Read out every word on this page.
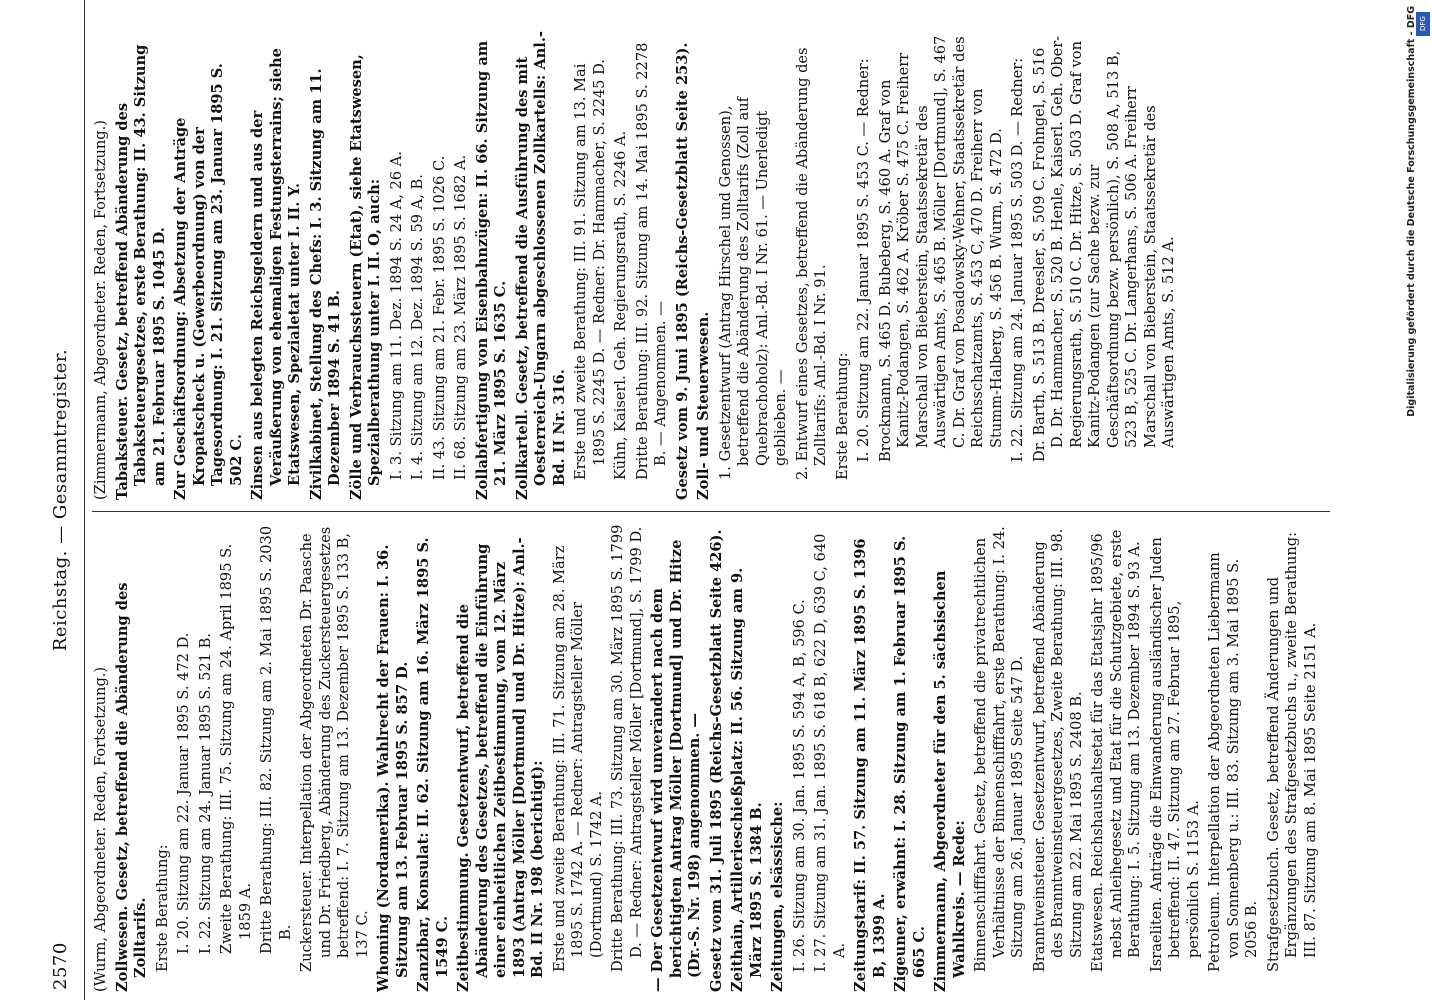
2570
Reichstag. — Gesammtregister.
(Wurm, Abgeordneter. Reden, Fortsetzung.) Zollwesen. Gesetz, betreffend die Abänderung des Zolltarifs. Erste Berathung: I. 20. Sitzung am 22. Januar 1895 S. 472 D. I. 22. Sitzung am 24. Januar 1895 S. 521 B. Zweite Berathung: III. 75. Sitzung am 24. April 1895 S. 1859 A. Dritte Berathung: III. 82. Sitzung am 2. Mai 1895 S. 2030 B. Zuckersteuer. Interpellation der Abgeordneten Dr. Paasche und Dr. Friedberg, Abänderung des Zuckersteuergesetzes betreffend: I. 7. Sitzung am 13. Dezember 1895 S. 133 B, 137 C. Whoming (Nordamerika). Wahlrecht der Frauen: I. 36. Sitzung am 13. Februar 1895 S. 857 D. Zanzibar, Konsulat: II. 62. Sitzung am 16. März 1895 S. 1549 C. Zeitbestimmung. Gesetzentwurf, betreffend die Abänderung des Gesetzes, betreffend die Einführung einer einheitlichen Zeitbestimmung, vom 12. März 1893 (Antrag Möller [Dortmund] und Dr. Hitze): Anl.-Bd. II Nr. 198 (berichtigt): Erste und zweite Berathung: III. 71. Sitzung am 28. März 1895 S. 1742 A. — Redner: Antragsteller Möller (Dortmund) S. 1742 A. Dritte Berathung: III. 73. Sitzung am 30. März 1895 S. 1799 D. — Redner: Antragsteller Möller [Dortmund], S. 1799 D. — Der Gesetzentwurf wird unverändert nach dem berichtigten Antrag Möller [Dortmund] und Dr. Hitze (Dr.-S. Nr. 198) angenommen. — Gesetz vom 31. Juli 1895 (Reichs-Gesetzblatt Seite 426). Zeithain, Artillerieschießplatz: II. 56. Sitzung am 9. März 1895 S. 1384 B. Zeitungen, elsässische: I. 26. Sitzung am 30. Jan. 1895 S. 594 A, B, 596 C. I. 27. Sitzung am 31. Jan. 1895 S. 618 B, 622 D, 639 C, 640 A. Zeitungstarif: II. 57. Sitzung am 11. März 1895 S. 1396 B, 1399 A. Zigeuner, erwähnt: I. 28. Sitzung am 1. Februar 1895 S. 665 C. Zimmermann, Abgeordneter für den 5. sächsischen Wahlkreis. — Rede: Binnenschifffahrt. Gesetz, betreffend die privatrechtlichen Verhältnisse der Binnenschifffahrt, erste Berathung: I. 24. Sitzung am 26. Januar 1895 Seite 547 D. Branntweinsteuer. Gesetzentwurf, betreffend Abänderung des Branntweinsteuergesetzes, Zweite Berathung: III. 98. Sitzung am 22. Mai 1895 S. 2408 B. Etatswesen. Reichshaushaltsetat für das Etatsjahr 1895/96 nebst Anleihegesetz und Etat für die Schutzgebiete, erste Berathung: I. 5. Sitzung am 13. Dezember 1894 S. 93 A. Israeliten. Anträge die Einwanderung ausländischer Juden betreffend: II. 47. Sitzung am 27. Februar 1895, persönlich S. 1153 A. Petroleum. Interpellation der Abgeordneten Liebermann von Sonnenberg u.: III. 83. Sitzung am 3. Mai 1895 S. 2056 B. Strafgesetzbuch. Gesetz, betreffend Änderungen und Ergänzungen des Strafgesetzbuchs u., zweite Berathung: III. 87. Sitzung am 8. Mai 1895 Seite 2151 A.
(Zimmermann, Abgeordneter. Reden, Fortsetzung.) Tabaksteuer. Gesetz, betreffend Abänderung des Tabaksteuergesetzes, erste Berathung: II. 43. Sitzung am 21. Februar 1895 S. 1045 D. Zur Geschäftsordnung: Absetzung der Anträge Kropatscheck u. (Gewerbeordnung) von der Tagesordnung: I. 21. Sitzung am 23. Januar 1895 S. 502 C. Zinsen aus belegten Reichsgeldern und aus der Veräußerung von ehemaligen Festungsterrains; siehe Etatswesen, Spezialetat unter I. II. Y. Zivilkabinet, Stellung des Chefs: I. 3. Sitzung am 11. Dezember 1894 S. 41 B. Zölle und Verbrauchssteuern (Etat), siehe Etatswesen, Spezialberathung unter I. II. O, auch: I. 3. Sitzung am 11. Dez. 1894 S. 24 A, 26 A. I. 4. Sitzung am 12. Dez. 1894 S. 59 A, B. II. 43. Sitzung am 21. Febr. 1895 S. 1026 C. II. 68. Sitzung am 23. März 1895 S. 1682 A. Zollabfertigung von Eisenbahnzügen: II. 66. Sitzung am 21. März 1895 S. 1635 C. Zollkartell. Gesetz, betreffend die Ausführung des mit Oesterreich-Ungarn abgeschlossenen Zollkartells: Anl.-Bd. II Nr. 316. Erste und zweite Berathung: III. 91. Sitzung am 13. Mai 1895 S. 2245 D. — Redner: Dr. Hammacher, S. 2245 D. Kühn, Kaiserl. Geh. Regierungsrath, S. 2246 A. Dritte Berathung: III. 92. Sitzung am 14. Mai 1895 S. 2278 B. — Angenommen. — Gesetz vom 9. Juni 1895 (Reichs-Gesetzblatt Seite 253). Zoll- und Steuerwesen. 1. Gesetzentwurf (Antrag Hirschel und Genossen), betreffend die Abänderung des Zolltarifs (Zoll auf Quebrachoholz): Anl.-Bd. I Nr. 61. — Unerledigt geblieben. — 2. Entwurf eines Gesetzes, betreffend die Abänderung des Zolltarifs: Anl.-Bd. I Nr. 91. Erste Berathung: I. 20. Sitzung am 22. Januar 1895 S. 453 C. — Redner: Brockmann, S. 465 D. Bubeberg, S. 460 A. Graf von Kanitz-Podangen, S. 462 A. Kröber S. 475 C. Freiherr Marschall von Bieberstein, Staatssekretär des Auswärtigen Amts, S. 465 B. Möller [Dortmund], S. 467 C. Dr. Graf von Posadowsky-Wehner, Staatssekretär des Reichsschatzamts, S. 453 C, 470 D. Freiherr von Stumm-Halberg, S. 456 B. Wurm, S. 472 D. I. 22. Sitzung am 24. Januar 1895 S. 503 D. — Redner: Dr. Barth, S. 513 B. Dreesler, S. 509 C. Frohngel, S. 516 D. Dr. Hammacher, S. 520 B. Henle, Kaiserl. Geh. Ober-Regierungsrath, S. 510 C. Dr. Hitze, S. 503 D. Graf von Kanitz-Podangen (zur Sache bezw. zur Geschäftsordnung bezw. persönlich), S. 508 A, 513 B, 523 B, 525 C. Dr. Langerhans, S. 506 A. Freiherr Marschall von Bieberstein, Staatssekretär des Auswärtigen Amts, S. 512 A.
DFG
Digitalisierung gefördert durch die Deutsche Forschungsgemeinschaft - DFG
